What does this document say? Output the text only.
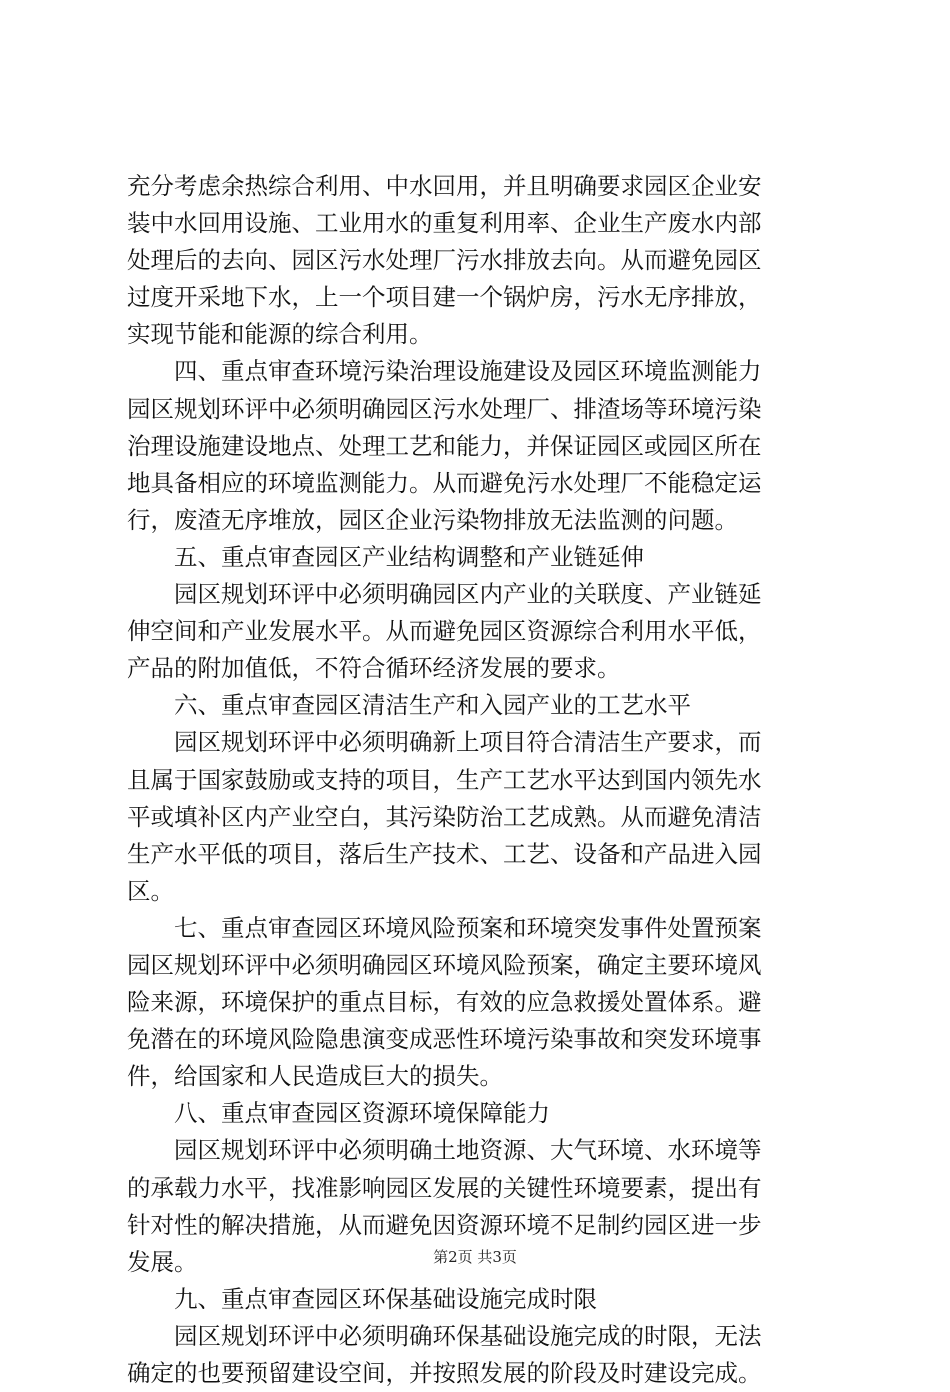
充分考虑余热综合利用、中水回用，并且明确要求园区企业安
装中水回用设施、工业用水的重复利用率、企业生产废水内部
处理后的去向、园区污水处理厂污水排放去向。从而避免园区
过度开采地下水，上一个项目建一个锅炉房，污水无序排放，
实现节能和能源的综合利用。
四、重点审查环境污染治理设施建设及园区环境监测能力
园区规划环评中必须明确园区污水处理厂、排渣场等环境污染
治理设施建设地点、处理工艺和能力，并保证园区或园区所在
地具备相应的环境监测能力。从而避免污水处理厂不能稳定运
行，废渣无序堆放，园区企业污染物排放无法监测的问题。
五、重点审查园区产业结构调整和产业链延伸
园区规划环评中必须明确园区内产业的关联度、产业链延
伸空间和产业发展水平。从而避免园区资源综合利用水平低，
产品的附加值低，不符合循环经济发展的要求。
六、重点审查园区清洁生产和入园产业的工艺水平
园区规划环评中必须明确新上项目符合清洁生产要求，而
且属于国家鼓励或支持的项目，生产工艺水平达到国内领先水
平或填补区内产业空白，其污染防治工艺成熟。从而避免清洁
生产水平低的项目，落后生产技术、工艺、设备和产品进入园
区。
七、重点审查园区环境风险预案和环境突发事件处置预案
园区规划环评中必须明确园区环境风险预案，确定主要环境风
险来源，环境保护的重点目标，有效的应急救援处置体系。避
免潜在的环境风险隐患演变成恶性环境污染事故和突发环境事
件，给国家和人民造成巨大的损失。
八、重点审查园区资源环境保障能力
园区规划环评中必须明确土地资源、大气环境、水环境等
的承载力水平，找准影响园区发展的关键性环境要素，提出有
针对性的解决措施，从而避免因资源环境不足制约园区进一步
发展。
九、重点审查园区环保基础设施完成时限
园区规划环评中必须明确环保基础设施完成的时限，无法
确定的也要预留建设空间，并按照发展的阶段及时建设完成。
第2页 共3页
